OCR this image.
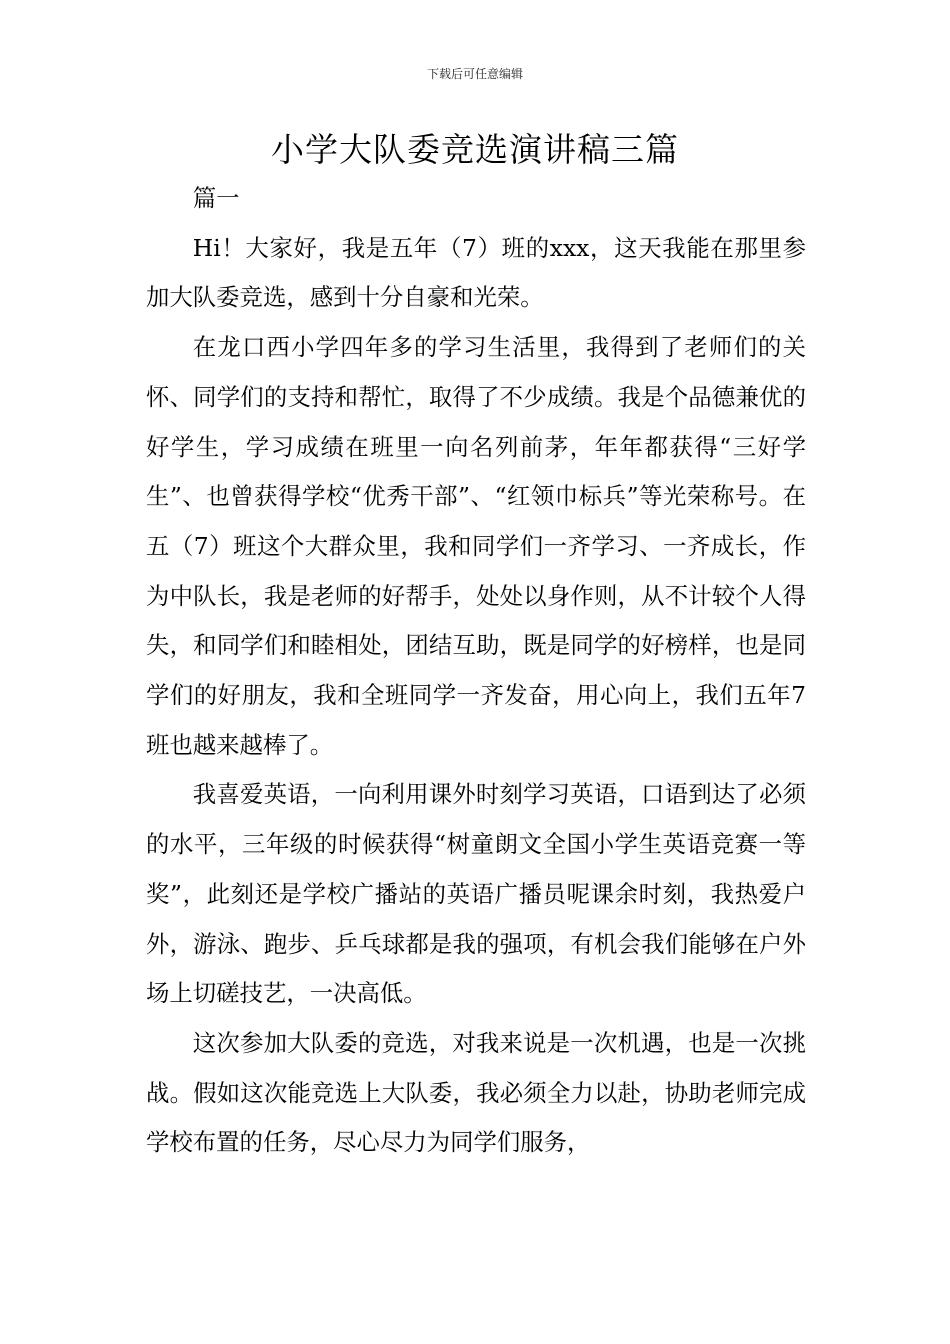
下载后可任意编辑
小学大队委竞选演讲稿三篇

篇一

Hi！大家好，我是五年（7）班的xxx，这天我能在那里参加大队委竞选，感到十分自豪和光荣。

在龙口西小学四年多的学习生活里，我得到了老师们的关怀、同学们的支持和帮忙，取得了不少成绩。我是个品德兼优的好学生，学习成绩在班里一向名列前茅，年年都获得“三好学生”、也曾获得学校“优秀干部”、“红领巾标兵”等光荣称号。在五（7）班这个大群众里，我和同学们一齐学习、一齐成长，作为中队长，我是老师的好帮手，处处以身作则，从不计较个人得失，和同学们和睦相处，团结互助，既是同学的好榜样，也是同学们的好朋友，我和全班同学一齐发奋，用心向上，我们五年7班也越来越棒了。

我喜爱英语，一向利用课外时刻学习英语，口语到达了必须的水平，三年级的时候获得“树童朗文全国小学生英语竞赛一等奖”，此刻还是学校广播站的英语广播员呢课余时刻，我热爱户外，游泳、跑步、乒乓球都是我的强项，有机会我们能够在户外场上切磋技艺，一决高低。

这次参加大队委的竞选，对我来说是一次机遇，也是一次挑战。假如这次能竞选上大队委，我必须全力以赴，协助老师完成学校布置的任务，尽心尽力为同学们服务，
